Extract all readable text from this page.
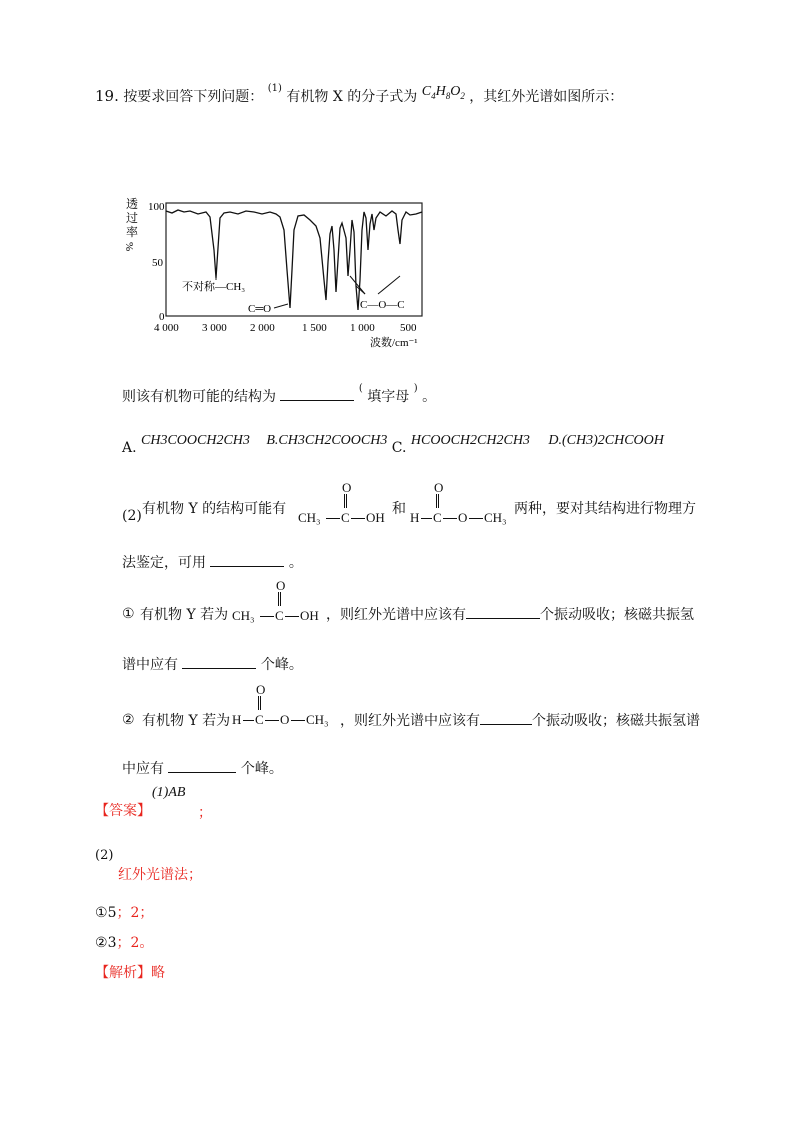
19. 按要求回答下列问题： $^{(1)}$ 有机物 X 的分子式为 $C_4H_8O_2$ ，其红外光谱如图所示：
透
过
率
%
100
50
0
不对称—CH₃
C═O	C—O—C
4 000 3 000 2 000 1 500 1 000 500
波数/cm⁻¹
则该有机物可能的结构为  ( 填字母 ) 。
A. CH3COOCH2CH3 B.CH3CH2COOCH3 C. HCOOCH2CH2CH3 D.(CH3)2CHCOOH
(2) 有机物 Y 的结构可能有
O
CH₃ C OH
和
O
H C O CH₃
两种，要对其结构进行物理方
法鉴定，可用	。
① 有机物 Y 若为
O
CH₃ C OH ，则红外光谱中应该有	个振动吸收；核磁共振氢
谱中应有	个峰。
② 有机物 Y 若为
O
H C O CH₃ ，则红外光谱中应该有	个振动吸收；核磁共振氢谱
中应有	个峰。
【答案】
(1)AB
；
(2)
红外光谱法；
①5；2；
②3；2。
【解析】略
